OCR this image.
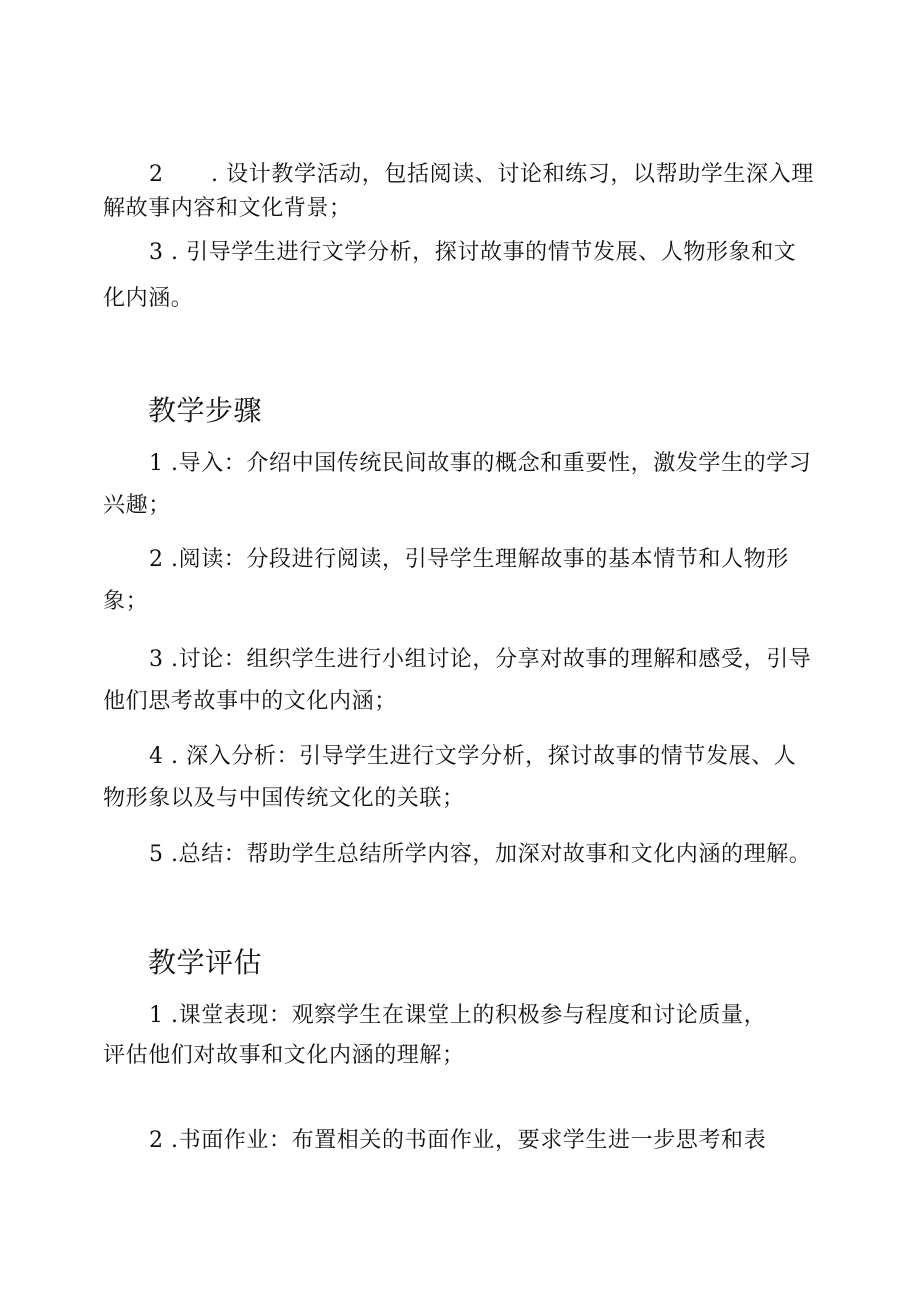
2 . 设计教学活动，包括阅读、讨论和练习，以帮助学生深入理
解故事内容和文化背景；
3 . 引导学生进行文学分析，探讨故事的情节发展、人物形象和文
化内涵。
教学步骤
1 .导入：介绍中国传统民间故事的概念和重要性，激发学生的学习
兴趣；
2 .阅读：分段进行阅读，引导学生理解故事的基本情节和人物形
象；
3 .讨论：组织学生进行小组讨论，分享对故事的理解和感受，引导
他们思考故事中的文化内涵；
4 . 深入分析：引导学生进行文学分析，探讨故事的情节发展、人
物形象以及与中国传统文化的关联；
5 .总结：帮助学生总结所学内容，加深对故事和文化内涵的理解。
教学评估
1 .课堂表现：观察学生在课堂上的积极参与程度和讨论质量，
评估他们对故事和文化内涵的理解；
2 .书面作业：布置相关的书面作业，要求学生进一步思考和表
